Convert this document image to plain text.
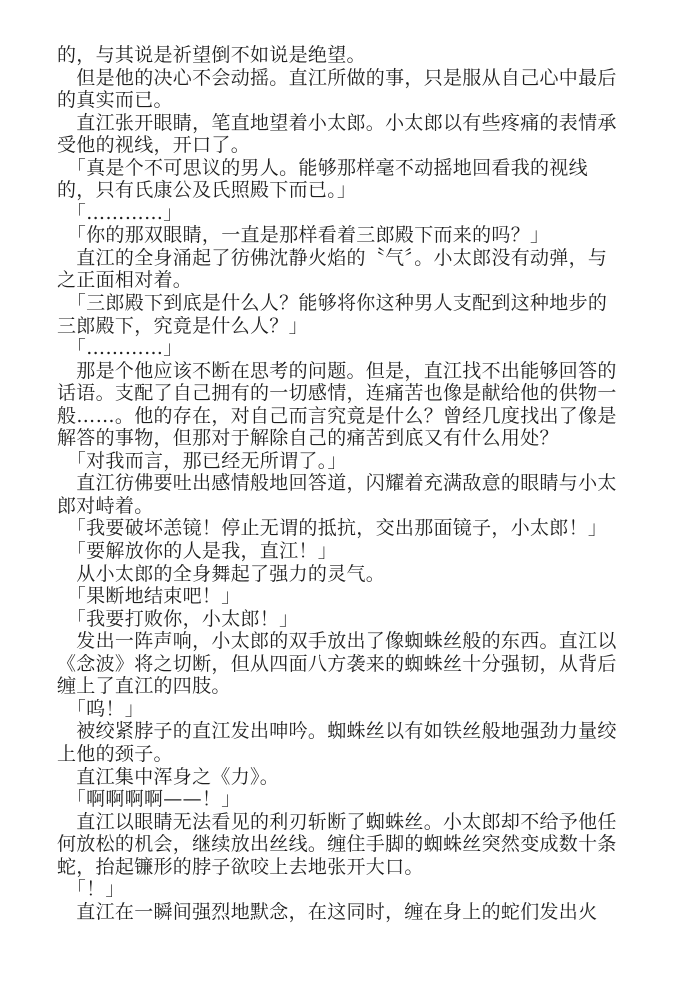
的，与其说是祈望倒不如说是绝望。
　但是他的决心不会动摇。直江所做的事，只是服从自己心中最后
的真实而已。
　直江张开眼睛，笔直地望着小太郎。小太郎以有些疼痛的表情承
受他的视线，开口了。
　「真是个不可思议的男人。能够那样毫不动摇地回看我的视线
的，只有氏康公及氏照殿下而已。」
　「…………」
　「你的那双眼睛，一直是那样看着三郎殿下而来的吗？」
　直江的全身涌起了彷佛沈静火焰的〝气〞。小太郎没有动弹，与
之正面相对着。
　「三郎殿下到底是什么人？能够将你这种男人支配到这种地步的
三郎殿下，究竟是什么人？」
　「…………」
　那是个他应该不断在思考的问题。但是，直江找不出能够回答的
话语。支配了自己拥有的一切感情，连痛苦也像是献给他的供物一
般……。他的存在，对自己而言究竟是什么？曾经几度找出了像是
解答的事物，但那对于解除自己的痛苦到底又有什么用处？
　「对我而言，那已经无所谓了。」
　直江彷佛要吐出感情般地回答道，闪耀着充满敌意的眼睛与小太
郎对峙着。
　「我要破坏恙镜！停止无谓的抵抗，交出那面镜子，小太郎！」
　「要解放你的人是我，直江！」
　从小太郎的全身舞起了强力的灵气。
　「果断地结束吧！」
　「我要打败你，小太郎！」
　发出一阵声响，小太郎的双手放出了像蜘蛛丝般的东西。直江以
《念波》将之切断，但从四面八方袭来的蜘蛛丝十分强韧，从背后
缠上了直江的四肢。
　「呜！」
　被绞紧脖子的直江发出呻吟。蜘蛛丝以有如铁丝般地强劲力量绞
上他的颈子。
　直江集中浑身之《力》。
　「啊啊啊啊——！」
　直江以眼睛无法看见的利刃斩断了蜘蛛丝。小太郎却不给予他任
何放松的机会，继续放出丝线。缠住手脚的蜘蛛丝突然变成数十条
蛇，抬起镰形的脖子欲咬上去地张开大口。
　「！」
　直江在一瞬间强烈地默念，在这同时，缠在身上的蛇们发出火
